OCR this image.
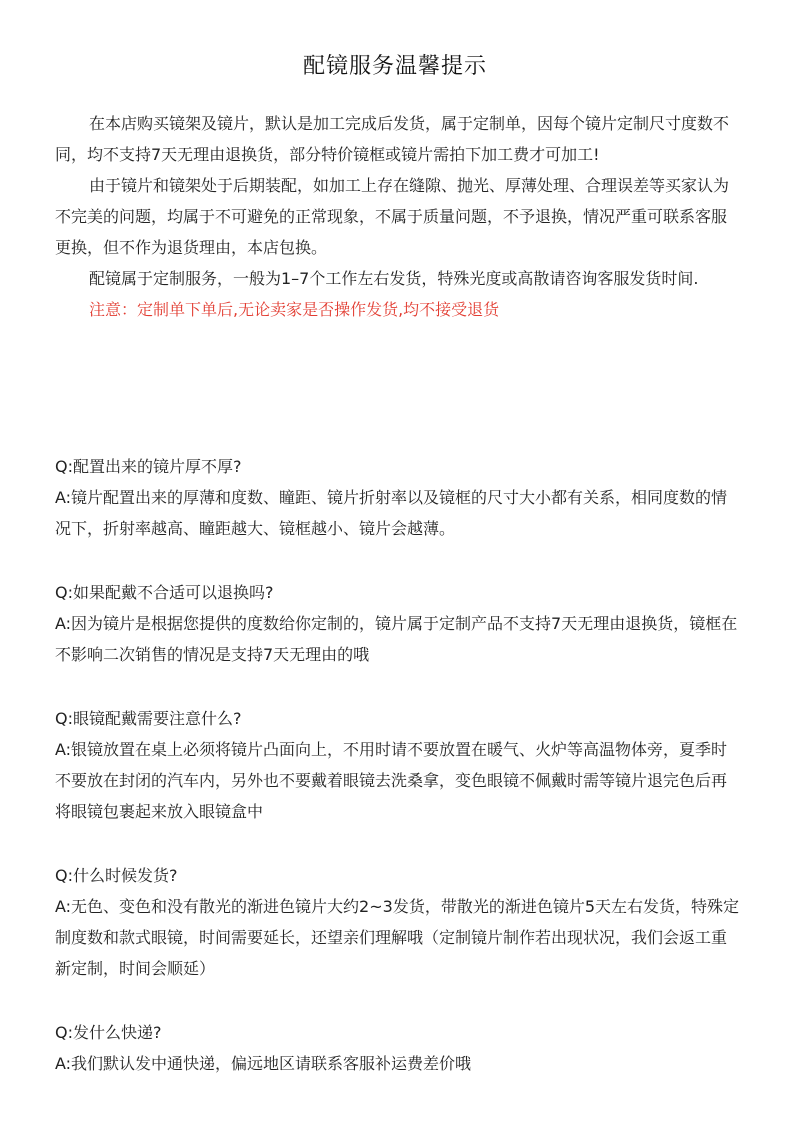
配镜服务温馨提示

在本店购买镜架及镜片，默认是加工完成后发货，属于定制单，因每个镜片定制尺寸度数不同，均不支持7天无理由退换货，部分特价镜框或镜片需拍下加工费才可加工!

由于镜片和镜架处于后期装配，如加工上存在缝隙、抛光、厚薄处理、合理误差等买家认为不完美的问题，均属于不可避免的正常现象，不属于质量问题，不予退换，情况严重可联系客服更换，但不作为退货理由，本店包换。

配镜属于定制服务，一般为1–7个工作左右发货，特殊光度或高散请咨询客服发货时间.

注意：定制单下单后,无论卖家是否操作发货,均不接受退货

Q:配置出来的镜片厚不厚?

A:镜片配置出来的厚薄和度数、瞳距、镜片折射率以及镜框的尺寸大小都有关系，相同度数的情况下，折射率越高、瞳距越大、镜框越小、镜片会越薄。

Q:如果配戴不合适可以退换吗?

A:因为镜片是根据您提供的度数给你定制的，镜片属于定制产品不支持7天无理由退换货，镜框在不影响二次销售的情况是支持7天无理由的哦

Q:眼镜配戴需要注意什么?

A:银镜放置在桌上必须将镜片凸面向上，不用时请不要放置在暖气、火炉等高温物体旁，夏季时不要放在封闭的汽车内，另外也不要戴着眼镜去洗桑拿，变色眼镜不佩戴时需等镜片退完色后再将眼镜包裹起来放入眼镜盒中

Q:什么时候发货?

A:无色、变色和没有散光的渐进色镜片大约2~3发货，带散光的渐进色镜片5天左右发货，特殊定制度数和款式眼镜，时间需要延长，还望亲们理解哦（定制镜片制作若出现状况，我们会返工重新定制，时间会顺延）

Q:发什么快递?

A:我们默认发中通快递，偏远地区请联系客服补运费差价哦
